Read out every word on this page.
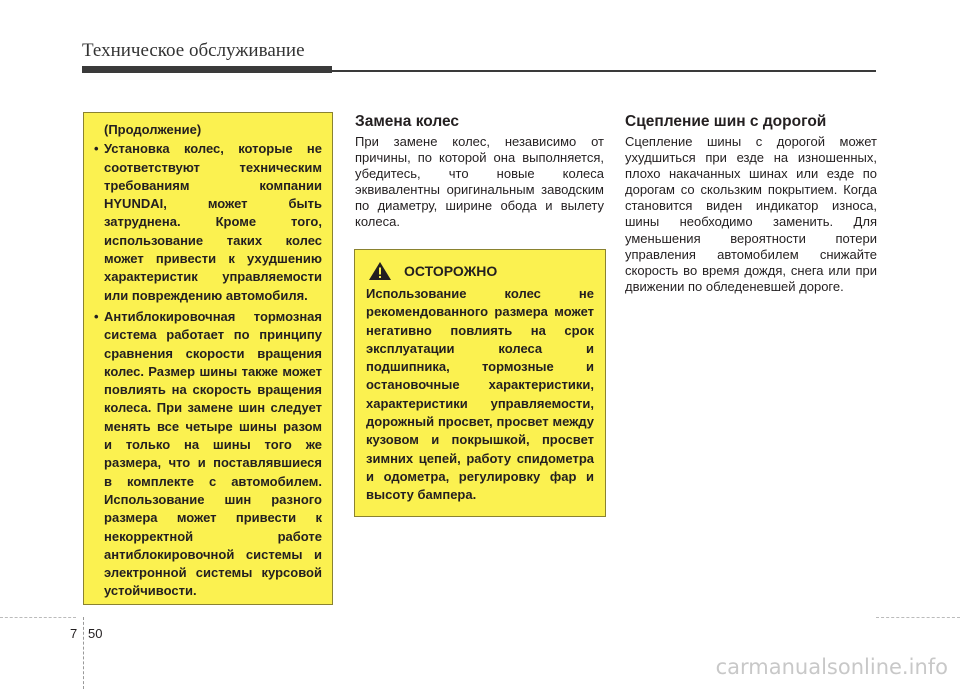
Техническое обслуживание
(Продолжение)
• Установка колес, которые не соответствуют техническим требованиям компании HYUNDAI, может быть затруднена. Кроме того, использование таких колес может привести к ухудшению характеристик управляемости или повреждению автомобиля.
• Антиблокировочная тормозная система работает по принципу сравнения скорости вращения колес. Размер шины также может повлиять на скорость вращения колеса. При замене шин следует менять все четыре шины разом и только на шины того же размера, что и поставлявшиеся в комплекте с автомобилем. Использование шин разного размера может привести к некорректной работе антиблокировочной системы и электронной системы курсовой устойчивости.
Замена колес
При замене колес, независимо от причины, по которой она выполняется, убедитесь, что новые колеса эквивалентны оригинальным заводским по диаметру, ширине обода и вылету колеса.
ОСТОРОЖНО
Использование колес не рекомендованного размера может негативно повлиять на срок эксплуатации колеса и подшипника, тормозные и остановочные характеристики, характеристики управляемости, дорожный просвет, просвет между кузовом и покрышкой, просвет зимних цепей, работу спидометра и одометра, регулировку фар и высоту бампера.
Сцепление шин с дорогой
Сцепление шины с дорогой может ухудшиться при езде на изношенных, плохо накачанных шинах или езде по дорогам со скользким покрытием. Когда становится виден индикатор износа, шины необходимо заменить. Для уменьшения вероятности потери управления автомобилем снижайте скорость во время дождя, снега или при движении по обледеневшей дороге.
7 50
carmanualsonline.info
